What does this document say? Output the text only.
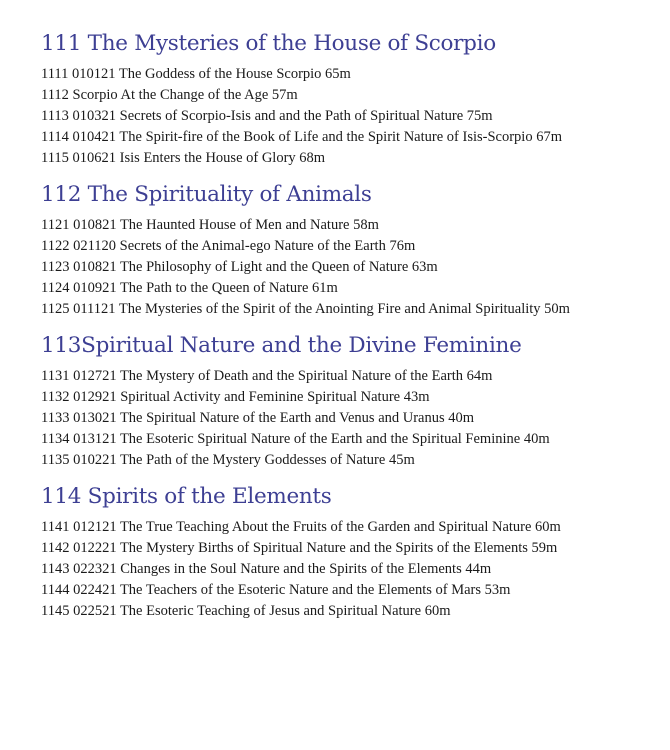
111 The Mysteries of the House of Scorpio
1111 010121 The Goddess of the House Scorpio 65m
1112 Scorpio At the Change of the Age 57m
1113 010321 Secrets of Scorpio-Isis and and the Path of Spiritual Nature 75m
1114 010421 The Spirit-fire of the Book of Life and the Spirit Nature of Isis-Scorpio 67m
1115 010621 Isis Enters the House of Glory 68m
112 The Spirituality of Animals
1121 010821 The Haunted House of Men and Nature 58m
1122 021120 Secrets of the Animal-ego Nature of the Earth 76m
1123 010821 The Philosophy of Light and the Queen of Nature 63m
1124 010921 The Path to the Queen of Nature 61m
1125 011121 The Mysteries of the Spirit of the Anointing Fire and Animal Spirituality 50m
113Spiritual Nature and the Divine Feminine
1131 012721 The Mystery of Death and the Spiritual Nature of the Earth 64m
1132 012921 Spiritual Activity and Feminine Spiritual Nature 43m
1133 013021 The Spiritual Nature of the Earth and Venus and Uranus 40m
1134 013121 The Esoteric Spiritual Nature of the Earth and the Spiritual Feminine 40m
1135 010221 The Path of the Mystery Goddesses of Nature 45m
114 Spirits of the Elements
1141 012121 The True Teaching About the Fruits of the Garden and Spiritual Nature 60m
1142 012221 The Mystery Births of Spiritual Nature and the Spirits of the Elements 59m
1143 022321 Changes in the Soul Nature and the Spirits of the Elements 44m
1144 022421 The Teachers of the Esoteric Nature and the Elements of Mars 53m
1145 022521 The Esoteric Teaching of Jesus and Spiritual Nature 60m
